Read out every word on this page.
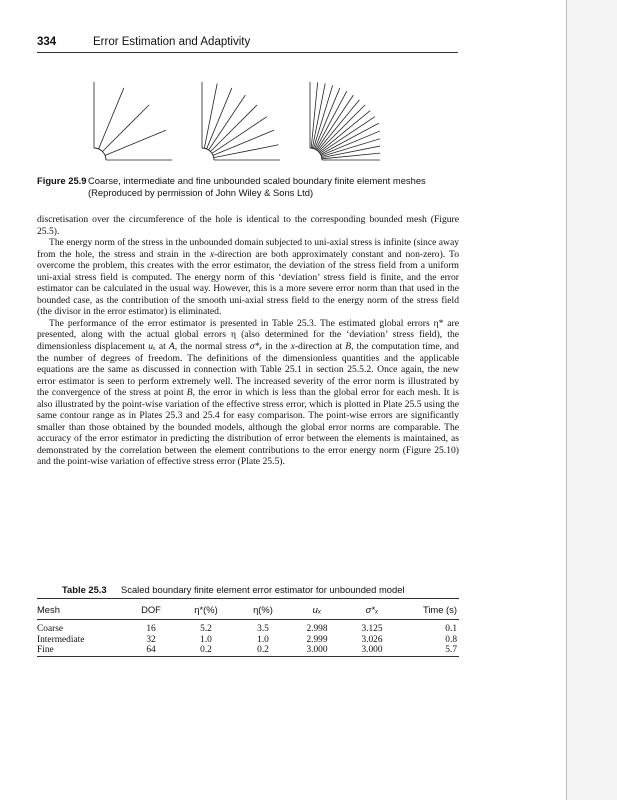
334	Error Estimation and Adaptivity
Figure 25.9 Coarse, intermediate and fine unbounded scaled boundary finite element meshes (Reproduced by permission of John Wiley & Sons Ltd)

discretisation over the circumference of the hole is identical to the corresponding bounded mesh (Figure 25.5).

The energy norm of the stress in the unbounded domain subjected to uni-axial stress is infinite (since away from the hole, the stress and strain in the x-direction are both approximately constant and non-zero). To overcome the problem, this creates with the error estimator, the deviation of the stress field from a uniform uni-axial stress field is computed. The energy norm of this ‘deviation’ stress field is finite, and the error estimator can be calculated in the usual way. However, this is a more severe error norm than that used in the bounded case, as the contribution of the smooth uni-axial stress field to the energy norm of the stress field (the divisor in the error estimator) is eliminated.

The performance of the error estimator is presented in Table 25.3. The estimated global errors η* are presented, along with the actual global errors η (also determined for the ‘deviation’ stress field), the dimensionless displacement uₓ at A, the normal stress σ*ₓ in the x-direction at B, the computation time, and the number of degrees of freedom. The definitions of the dimensionless quantities and the applicable equations are the same as discussed in connection with Table 25.1 in section 25.5.2. Once again, the new error estimator is seen to perform extremely well. The increased severity of the error norm is illustrated by the convergence of the stress at point B, the error in which is less than the global error for each mesh. It is also illustrated by the point-wise variation of the effective stress error, which is plotted in Plate 25.5 using the same contour range as in Plates 25.3 and 25.4 for easy comparison. The point-wise errors are significantly smaller than those obtained by the bounded models, although the global error norms are comparable. The accuracy of the error estimator in predicting the distribution of error between the elements is maintained, as demonstrated by the correlation between the element contributions to the error energy norm (Figure 25.10) and the point-wise variation of effective stress error (Plate 25.5).

Table 25.3 Scaled boundary finite element error estimator for unbounded model
Mesh	DOF	η*(%)	η(%)	uₓ	σ*ₓ	Time (s)

Coarse	16	5.2	3.5	2.998	3.125	0.1
Intermediate	32	1.0	1.0	2.999	3.026	0.8
Fine	64	0.2	0.2	3.000	3.000	5.7
